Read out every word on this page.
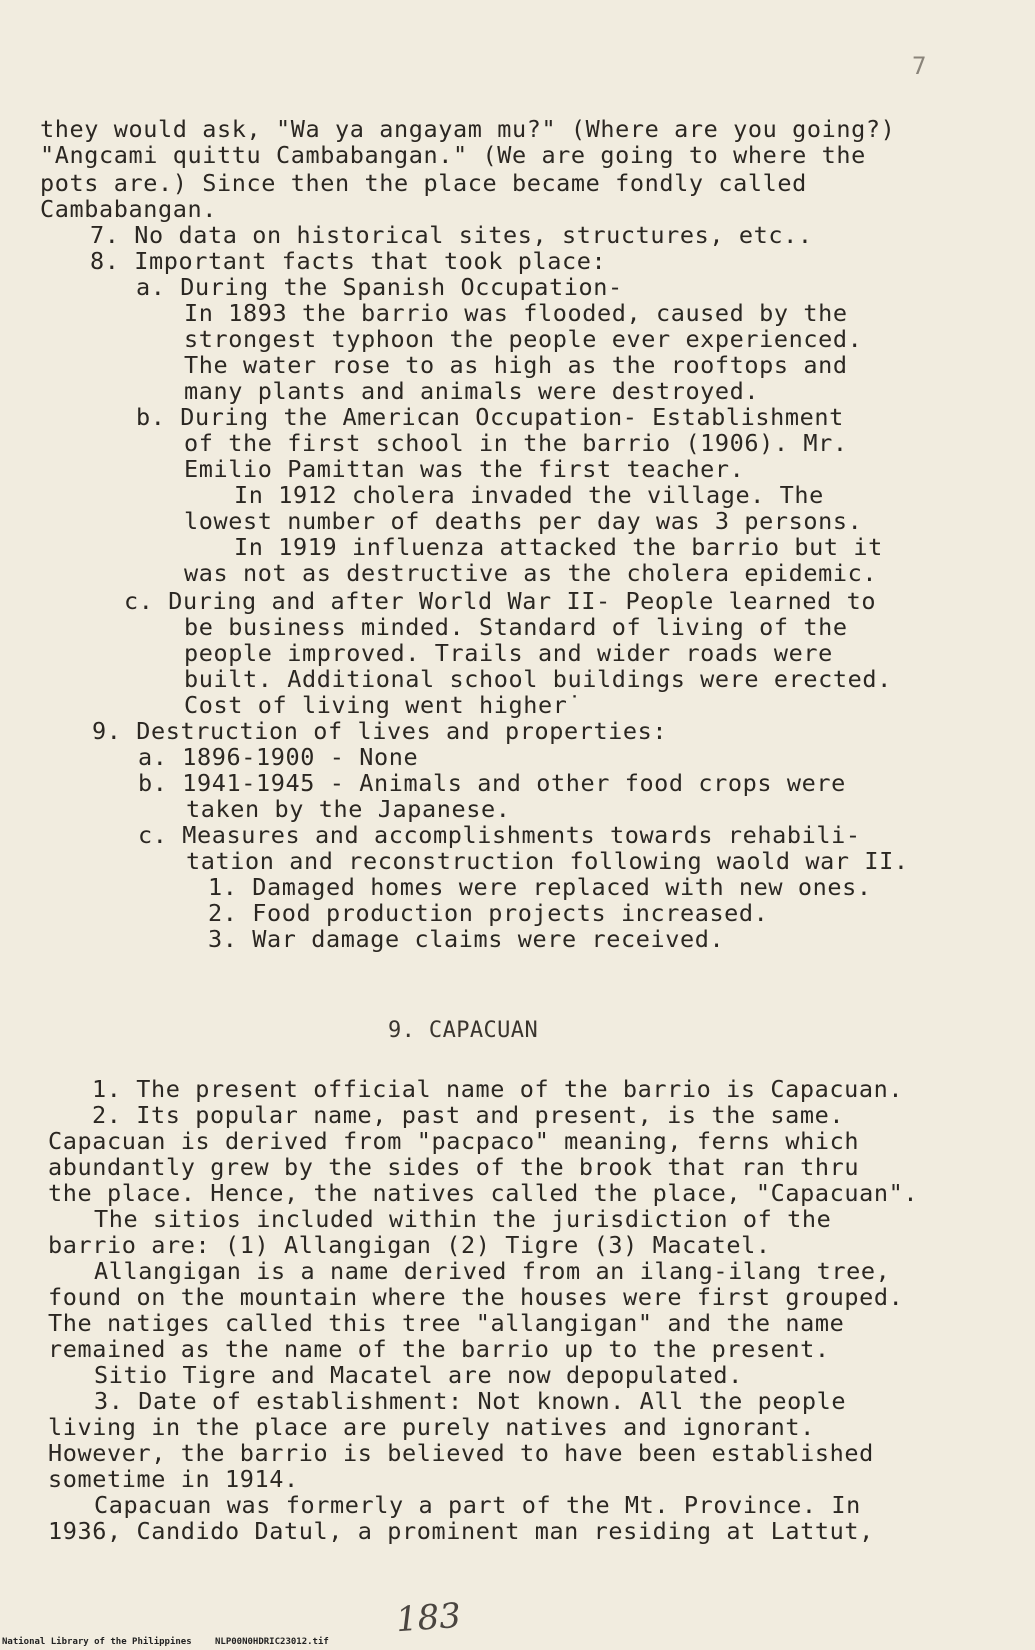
7
they would ask, "Wa ya angayam mu?" (Where are you going?)
"Angcami quittu Cambabangan." (We are going to where the
pots are.) Since then the place became fondly called
Cambabangan.
7. No data on historical sites, structures, etc..
8. Important facts that took place:
a. During the Spanish Occupation-
In 1893 the barrio was flooded, caused by the
strongest typhoon the people ever experienced.
The water rose to as high as the rooftops and
many plants and animals were destroyed.
b. During the American Occupation- Establishment
of the first school in the barrio (1906). Mr.
Emilio Pamittan was the first teacher.
In 1912 cholera invaded the village. The
lowest number of deaths per day was 3 persons.
In 1919 influenza attacked the barrio but it
was not as destructive as the cholera epidemic.
c. During and after World War II- People learned to
be business minded. Standard of living of the
people improved. Trails and wider roads were
built. Additional school buildings were erected.
Cost of living went higher˙
9. Destruction of lives and properties:
a. 1896-1900 - None
b. 1941-1945 - Animals and other food crops were
taken by the Japanese.
c. Measures and accomplishments towards rehabili-
tation and reconstruction following waold war II.
1. Damaged homes were replaced with new ones.
2. Food production projects increased.
3. War damage claims were received.
9. CAPACUAN
1. The present official name of the barrio is Capacuan.
2. Its popular name, past and present, is the same.
Capacuan is derived from "pacpaco" meaning, ferns which
abundantly grew by the sides of the brook that ran thru
the place. Hence, the natives called the place, "Capacuan".
The sitios included within the jurisdiction of the
barrio are: (1) Allangigan (2) Tigre (3) Macatel.
Allangigan is a name derived from an ilang-ilang tree,
found on the mountain where the houses were first grouped.
The natiges called this tree "allangigan" and the name
remained as the name of the barrio up to the present.
Sitio Tigre and Macatel are now depopulated.
3. Date of establishment: Not known. All the people
living in the place are purely natives and ignorant.
However, the barrio is believed to have been established
sometime in 1914.
Capacuan was formerly a part of the Mt. Province. In
1936, Candido Datul, a prominent man residing at Lattut,
183
National Library of the Philippines	NLP00N0HDRIC23012.tif
